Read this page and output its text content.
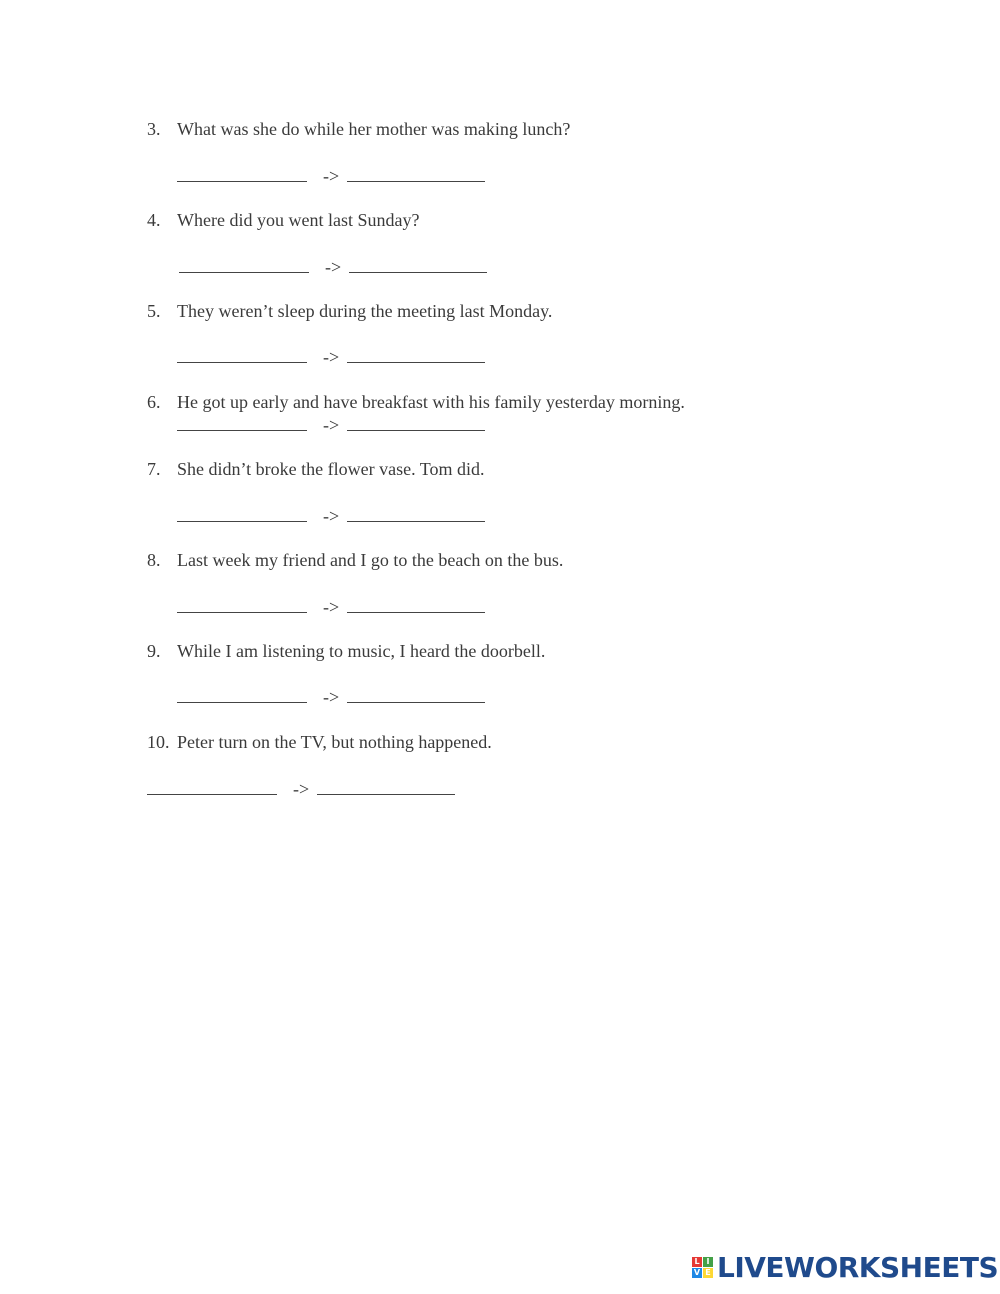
3. What was she do while her mother was making lunch?
->
4. Where did you went last Sunday?
->
5. They weren’t sleep during the meeting last Monday.
->
6. He got up early and have breakfast with his family yesterday morning.
->
7. She didn’t broke the flower vase. Tom did.
->
8. Last week my friend and I go to the beach on the bus.
->
9. While I am listening to music, I heard the doorbell.
->
10. Peter turn on the TV, but nothing happened.
->
L I
V E LIVEWORKSHEETS
